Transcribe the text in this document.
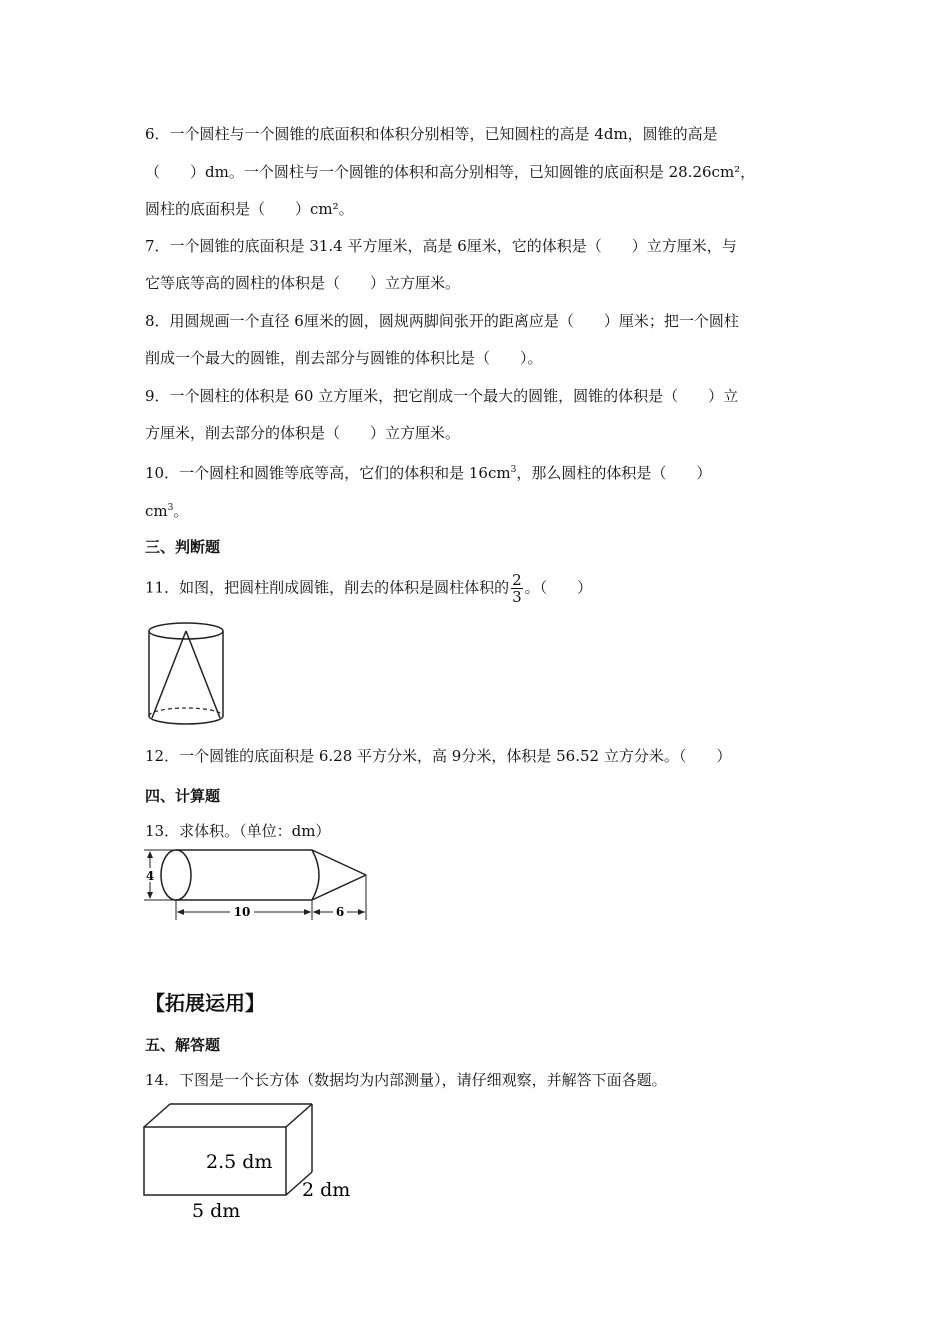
6．一个圆柱与一个圆锥的底面积和体积分别相等，已知圆柱的高是 4dm，圆锥的高是
（　　）dm。一个圆柱与一个圆锥的体积和高分别相等，已知圆锥的底面积是 28.26cm²，
圆柱的底面积是（　　）cm²。
7．一个圆锥的底面积是 31.4 平方厘米，高是 6厘米，它的体积是（　　）立方厘米，与
它等底等高的圆柱的体积是（　　）立方厘米。
8．用圆规画一个直径 6厘米的圆，圆规两脚间张开的距离应是（　　）厘米；把一个圆柱
削成一个最大的圆锥，削去部分与圆锥的体积比是（　　）。
9．一个圆柱的体积是 60 立方厘米，把它削成一个最大的圆锥，圆锥的体积是（　　）立
方厘米，削去部分的体积是（　　）立方厘米。
10．一个圆柱和圆锥等底等高，它们的体积和是 $16cm^3$，那么圆柱的体积是（　　）
$cm^3$。
三、判断题
11．如图，把圆柱削成圆锥，削去的体积是圆柱体积的 $\frac{2}{3}$ 。（　　）
12．一个圆锥的底面积是 6.28 平方分米，高 9分米，体积是 56.52 立方分米。（　　）
四、计算题
13．求体积。（单位：dm）
4
10	6
【拓展运用】
五、解答题
14．下图是一个长方体（数据均为内部测量），请仔细观察，并解答下面各题。
2.5 dm
2 dm
5 dm
